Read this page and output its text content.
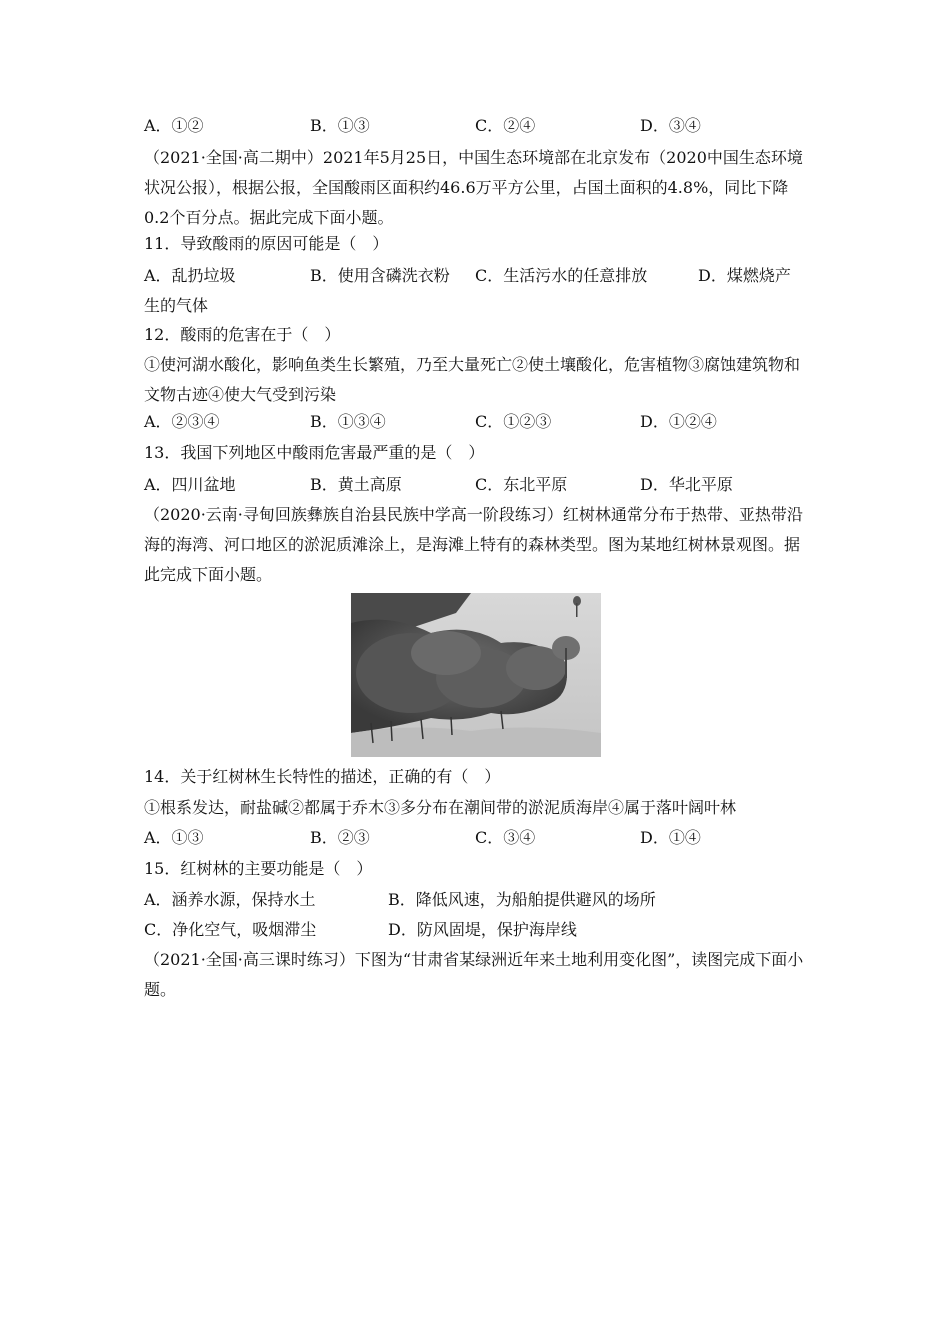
A．①②	B．①③	C．②④	D．③④
（2021·全国·高二期中）2021年5月25日，中国生态环境部在北京发布（2020中国生态环境状况公报），根据公报，全国酸雨区面积约46.6万平方公里，占国土面积的4.8%，同比下降0.2个百分点。据此完成下面小题。
11．导致酸雨的原因可能是（　）
A．乱扔垃圾	B．使用含磷洗衣粉 C．生活污水的任意排放	D．煤燃烧产
生的气体
12．酸雨的危害在于（　）
①使河湖水酸化，影响鱼类生长繁殖，乃至大量死亡②使土壤酸化，危害植物③腐蚀建筑物和文物古迹④使大气受到污染
A．②③④	B．①③④	C．①②③	D．①②④
13．我国下列地区中酸雨危害最严重的是（　）
A．四川盆地	B．黄土高原	C．东北平原	D．华北平原
（2020·云南·寻甸回族彝族自治县民族中学高一阶段练习）红树林通常分布于热带、亚热带沿海的海湾、河口地区的淤泥质滩涂上，是海滩上特有的森林类型。图为某地红树林景观图。据此完成下面小题。
14．关于红树林生长特性的描述，正确的有（　）
①根系发达，耐盐碱②都属于乔木③多分布在潮间带的淤泥质海岸④属于落叶阔叶林
A．①③	B．②③	C．③④	D．①④
15．红树林的主要功能是（　）
A．涵养水源，保持水土	B．降低风速，为船舶提供避风的场所
C．净化空气，吸烟滞尘	D．防风固堤，保护海岸线
（2021·全国·高三课时练习）下图为“甘肃省某绿洲近年来土地利用变化图”，读图完成下面小题。
